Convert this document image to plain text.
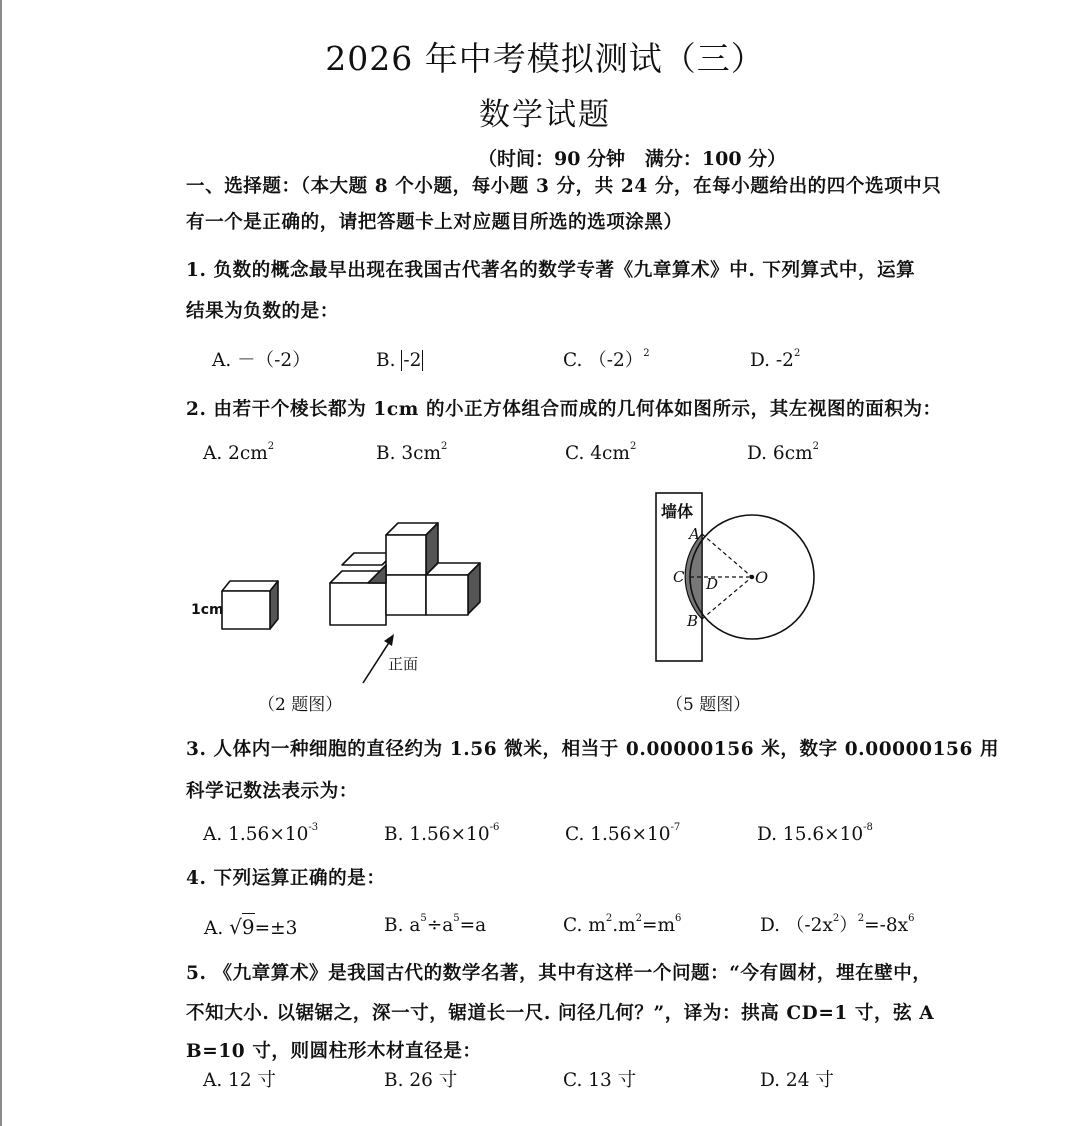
2026 年中考模拟测试（三）
数学试题
（时间：90 分钟   满分：100 分）
一、选择题：（本大题 8 个小题，每小题 3 分，共 24 分，在每小题给出的四个选项中只
有一个是正确的，请把答题卡上对应题目所选的选项涂黑）
1. 负数的概念最早出现在我国古代著名的数学专著《九章算术》中. 下列算式中，运算
结果为负数的是：
A. －（-2）	B. -2	C. $(-2)^2$	D. $-2^2$
2. 由若干个棱长都为 1cm 的小正方体组合而成的几何体如图所示，其左视图的面积为：
A. $2cm^2$	B. $3cm^2$	C. $4cm^2$	D. $6cm^2$
1cm
正面
（2 题图）
墙体
A
C D O
B
（5 题图）
3. 人体内一种细胞的直径约为 1.56 微米，相当于 0.00000156 米，数字 0.00000156 用
科学记数法表示为：
A. $1.56\times 10^{-3}$	B. $1.56\times 10^{-6}$	C. $1.56\times 10^{-7}$	D. $15.6\times 10^{-8}$
4. 下列运算正确的是：
A. √9=±3	B. $a^5\div a^5=a$	C. $m^2.m^2=m^6$	D. $(-2x^2)^2=-8x^6$
5. 《九章算术》是我国古代的数学名著，其中有这样一个问题：“今有圆材，埋在壁中，
不知大小. 以锯锯之，深一寸，锯道长一尺. 问径几何？”，译为：拱高 CD=1 寸，弦 A
B=10 寸，则圆柱形木材直径是：
A. 12 寸	B. 26 寸	C. 13 寸	D. 24 寸
